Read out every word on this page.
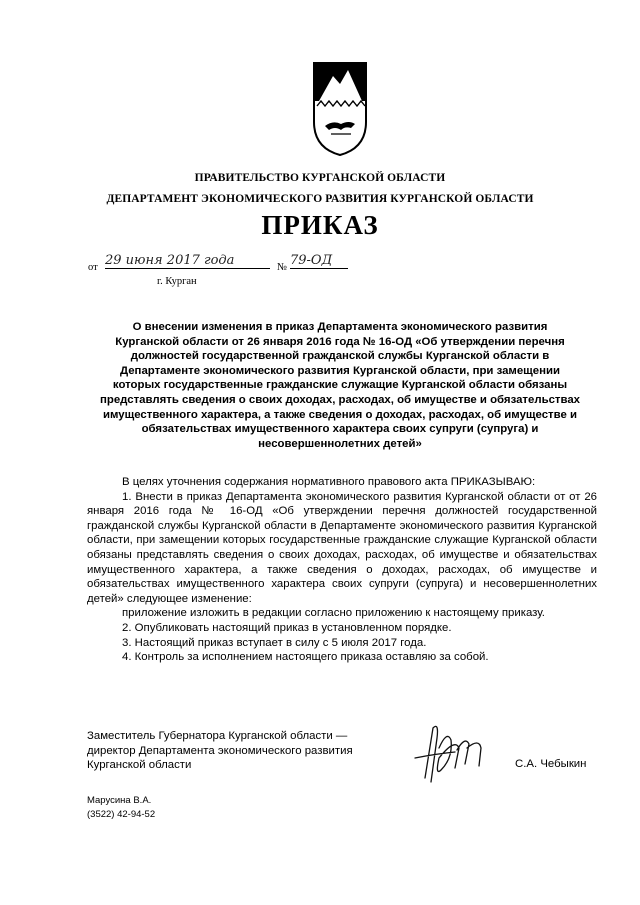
ПРАВИТЕЛЬСТВО КУРГАНСКОЙ ОБЛАСТИ
ДЕПАРТАМЕНТ ЭКОНОМИЧЕСКОГО РАЗВИТИЯ КУРГАНСКОЙ ОБЛАСТИ
ПРИКАЗ
от 29 июня 2017 года	№ 79-ОД
г. Курган
О внесении изменения в приказ Департамента экономического развития Курганской области от 26 января 2016 года № 16-ОД «Об утверждении перечня должностей государственной гражданской службы Курганской области в Департаменте экономического развития Курганской области, при замещении которых государственные гражданские служащие Курганской области обязаны представлять сведения о своих доходах, расходах, об имуществе и обязательствах имущественного характера, а также сведения о доходах, расходах, об имуществе и обязательствах имущественного характера своих супруги (супруга) и несовершеннолетних детей»

В целях уточнения содержания нормативного правового акта ПРИКАЗЫВАЮ:

1. Внести в приказ Департамента экономического развития Курганской области от от 26 января 2016 года № 16-ОД «Об утверждении перечня должностей государственной гражданской службы Курганской области в Департаменте экономического развития Курганской области, при замещении которых государственные гражданские служащие Курганской области обязаны представлять сведения о своих доходах, расходах, об имуществе и обязательствах имущественного характера, а также сведения о доходах, расходах, об имуществе и обязательствах имущественного характера своих супруги (супруга) и несовершеннолетних детей» следующее изменение:

приложение изложить в редакции согласно приложению к настоящему приказу.

2. Опубликовать настоящий приказ в установленном порядке.

3. Настоящий приказ вступает в силу с 5 июля 2017 года.

4. Контроль за исполнением настоящего приказа оставляю за собой.

Заместитель Губернатора Курганской области —
директор Департамента экономического развития
Курганской области	С.А. Чебыкин
Марусина В.А.
(3522) 42-94-52
